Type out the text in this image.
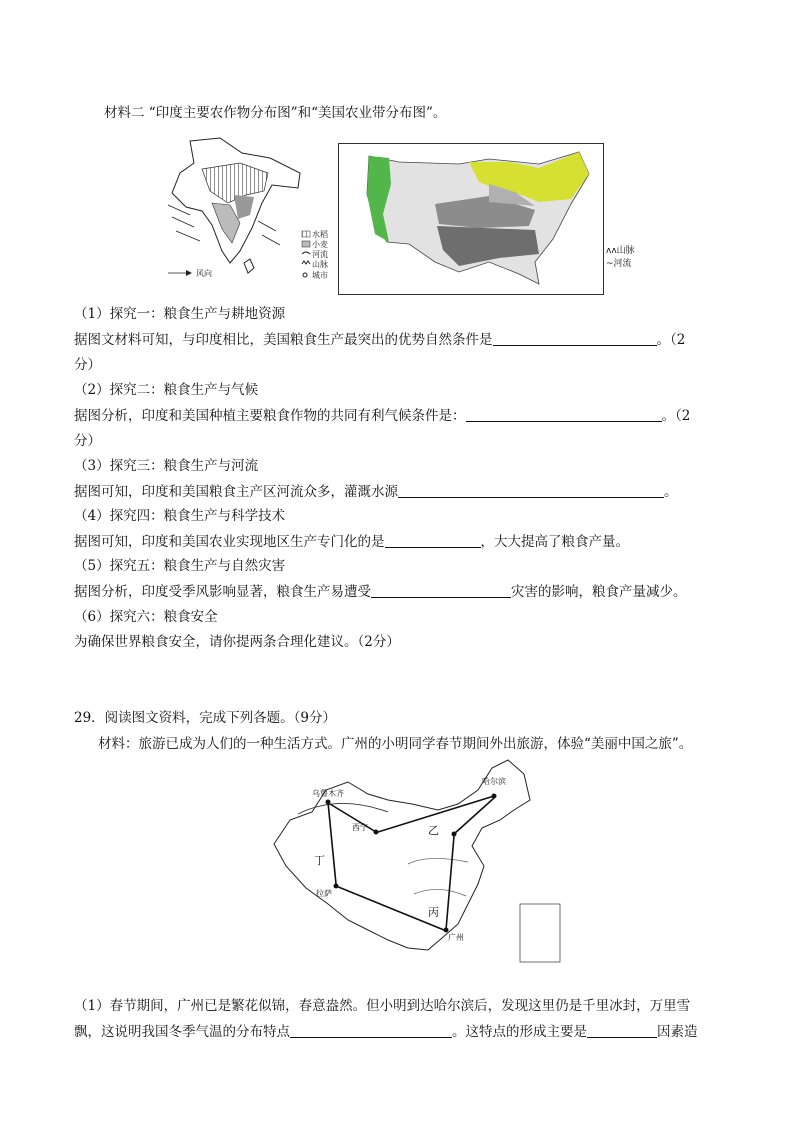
材料二 “印度主要农作物分布图”和“美国农业带分布图”。
风向
水稻
小麦
河流
山脉
城市
ᴧᴧ山脉
~河流
（1）探究一：粮食生产与耕地资源
据图文材料可知，与印度相比，美国粮食生产最突出的优势自然条件是	。（2
分）
（2）探究二：粮食生产与气候
据图分析，印度和美国种植主要粮食作物的共同有利气候条件是：	。（2
分）
（3）探究三：粮食生产与河流
据图可知，印度和美国粮食主产区河流众多，灌溉水源	。
（4）探究四：粮食生产与科学技术
据图可知，印度和美国农业实现地区生产专门化的是	，大大提高了粮食产量。
（5）探究五：粮食生产与自然灾害
据图分析，印度受季风影响显著，粮食生产易遭受	灾害的影响，粮食产量减少。
（6）探究六：粮食安全
为确保世界粮食安全，请你提两条合理化建议。（2分）
29．阅读图文资料，完成下列各题。（9分）
材料：旅游已成为人们的一种生活方式。广州的小明同学春节期间外出旅游，体验“美丽中国之旅”。
乌鲁木齐
哈尔滨
西宁
拉萨
广州
乙
丙
丁
（1）春节期间，广州已是繁花似锦，春意盎然。但小明到达哈尔滨后，发现这里仍是千里冰封，万里雪
飘，这说明我国冬季气温的分布特点	。这特点的形成主要是	因素造
